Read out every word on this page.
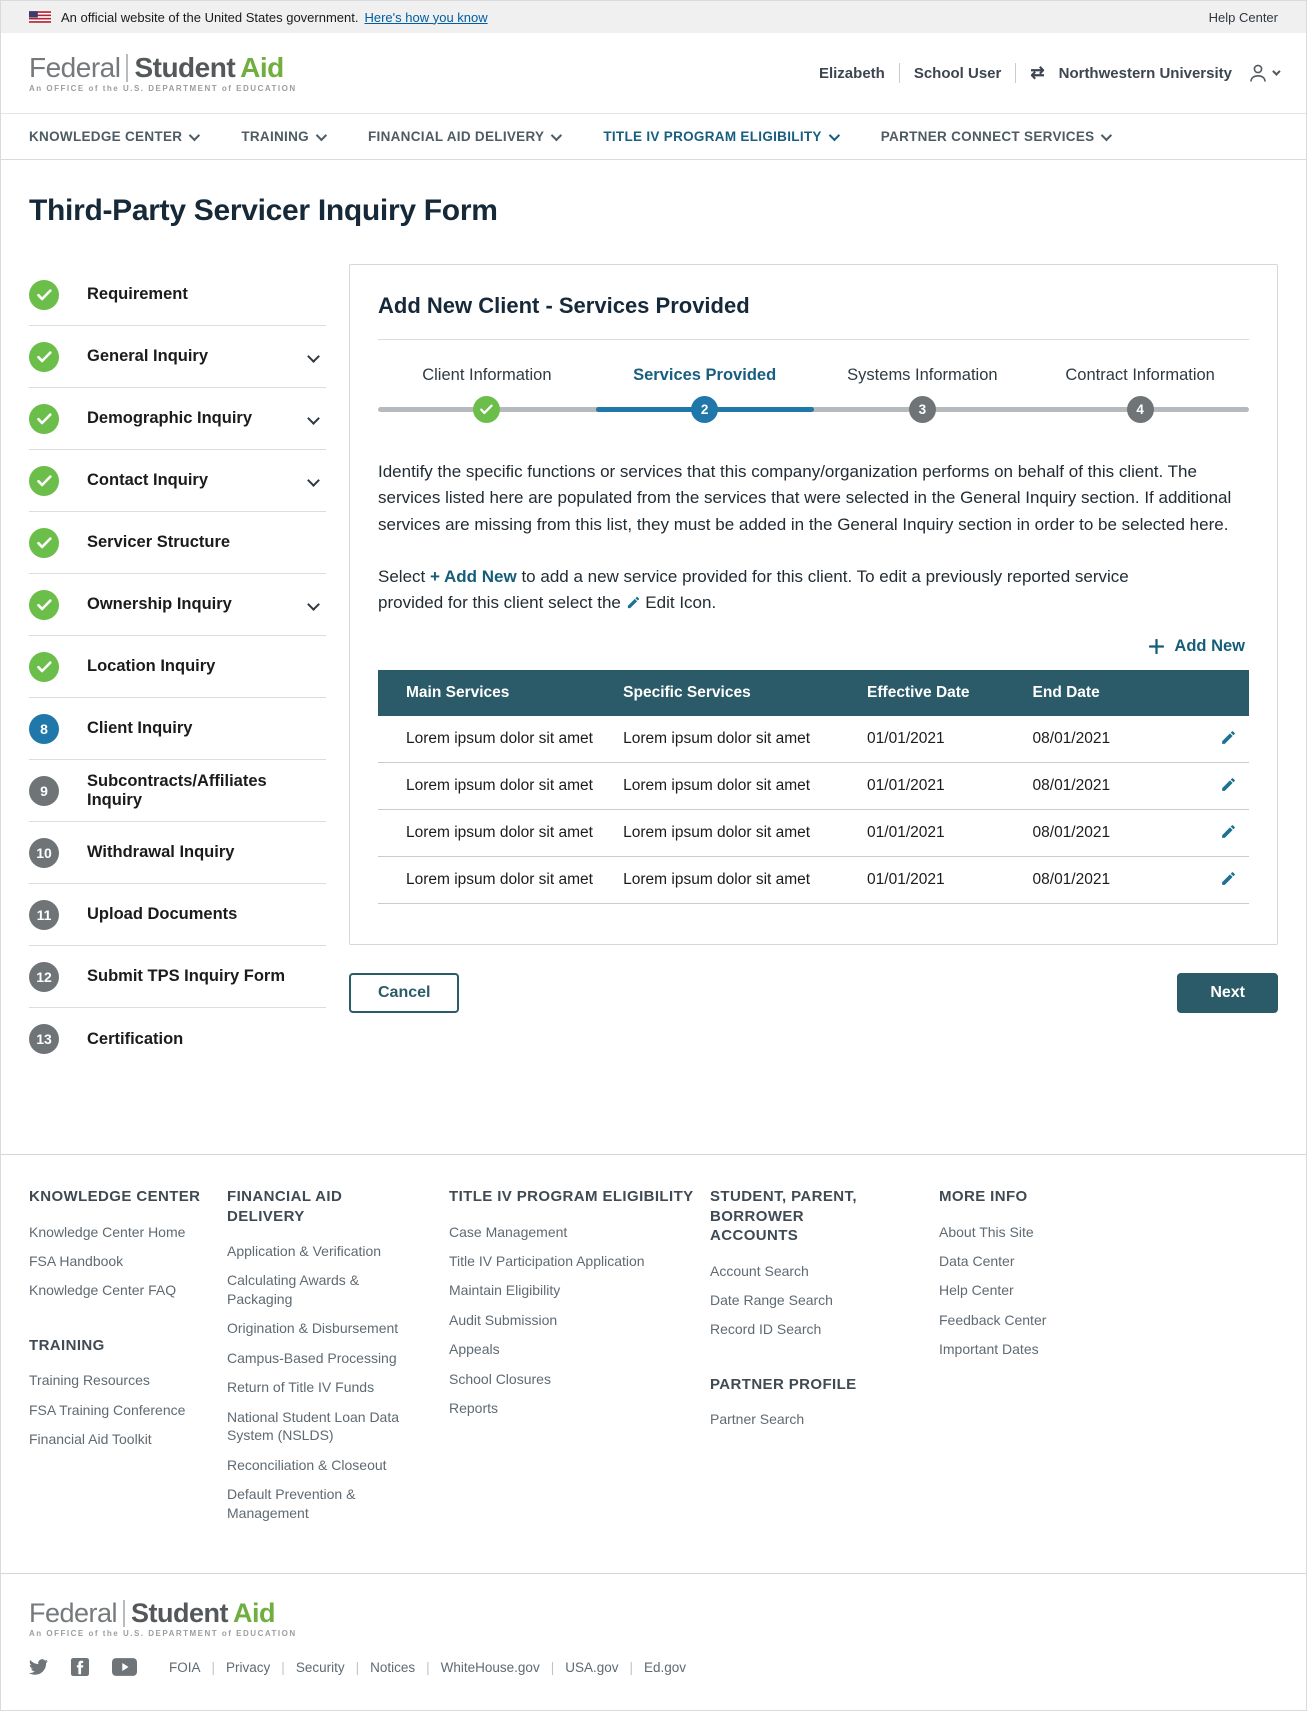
An official website of the United States government. Here's how you know	Help Center
Federal Student Aid
An OFFICE of the U.S. DEPARTMENT of EDUCATION
Elizabeth School User ⇄ Northwestern University
KNOWLEDGE CENTER	TRAINING	FINANCIAL AID DELIVERY	TITLE IV PROGRAM ELIGIBILITY	PARTNER CONNECT SERVICES
Third-Party Servicer Inquiry Form
Requirement
General Inquiry
Demographic Inquiry
Contact Inquiry
Servicer Structure
Ownership Inquiry
Location Inquiry
8	Client Inquiry
9
Subcontracts/Affiliates Inquiry
10	Withdrawal Inquiry
11	Upload Documents
12	Submit TPS Inquiry Form
13	Certification
Add New Client - Services Provided
Client Information	Services Provided
2
Systems Information
3
Contract Information
4

Identify the specific functions or services that this company/organization performs on behalf of this client. The services listed here are populated from the services that were selected in the General Inquiry section. If additional services are missing from this list, they must be added in the General Inquiry section in order to be selected here.

Select + Add New to add a new service provided for this client. To edit a previously reported service provided for this client select the  Edit Icon.

Add New
Main Services	Specific Services	Effective Date	End Date	
Lorem ipsum dolor sit amet	Lorem ipsum dolor sit amet	01/01/2021	08/01/2021	
Lorem ipsum dolor sit amet	Lorem ipsum dolor sit amet	01/01/2021	08/01/2021	
Lorem ipsum dolor sit amet	Lorem ipsum dolor sit amet	01/01/2021	08/01/2021	
Lorem ipsum dolor sit amet	Lorem ipsum dolor sit amet	01/01/2021	08/01/2021	
Cancel	Next
KNOWLEDGE CENTER
Knowledge Center Home
FSA Handbook
Knowledge Center FAQ
TRAINING
Training Resources
FSA Training Conference
Financial Aid Toolkit
FINANCIAL AID DELIVERY
Application & Verification
Calculating Awards & Packaging
Origination & Disbursement
Campus-Based Processing
Return of Title IV Funds
National Student Loan Data System (NSLDS)
Reconciliation & Closeout
Default Prevention & Management
TITLE IV PROGRAM ELIGIBILITY
Case Management
Title IV Participation Application
Maintain Eligibility
Audit Submission
Appeals
School Closures
Reports
STUDENT, PARENT, BORROWER ACCOUNTS
Account Search
Date Range Search
Record ID Search
PARTNER PROFILE
Partner Search
MORE INFO
About This Site
Data Center
Help Center
Feedback Center
Important Dates
Federal Student Aid
An OFFICE of the U.S. DEPARTMENT of EDUCATION
FOIA	| Privacy	| Security	| Notices	| WhiteHouse.gov	| USA.gov	| Ed.gov
